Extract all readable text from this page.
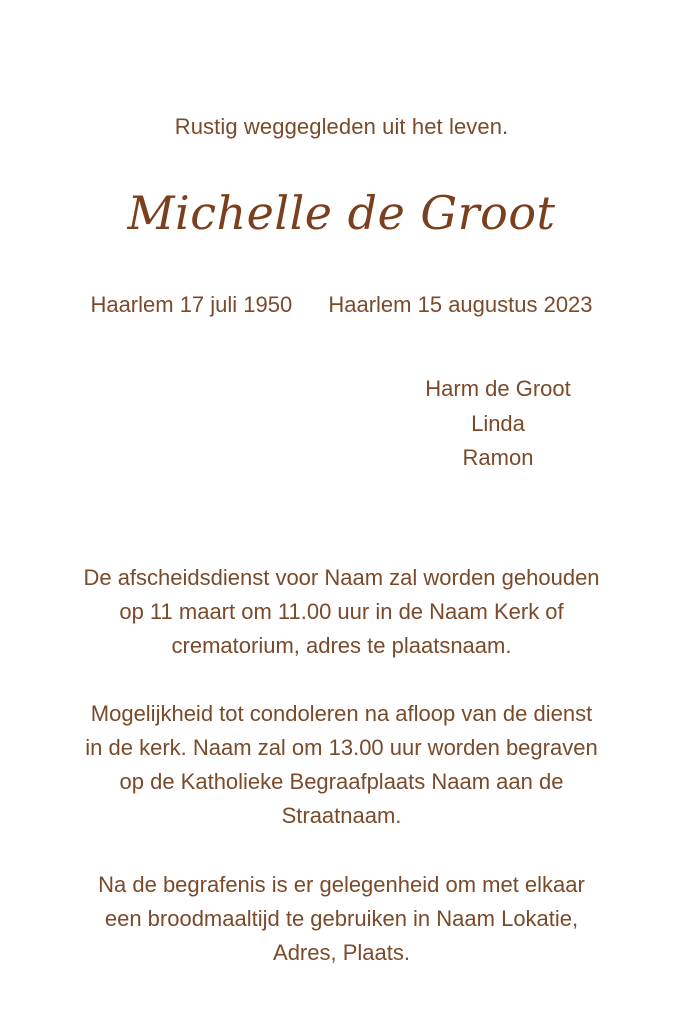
Rustig weggegleden uit het leven.
Michelle de Groot
Haarlem 17 juli 1950 Haarlem 15 augustus 2023
Harm de Groot
Linda
Ramon
De afscheidsdienst voor Naam zal worden gehouden
op 11 maart om 11.00 uur in de Naam Kerk of
crematorium, adres te plaatsnaam.
Mogelijkheid tot condoleren na afloop van de dienst
in de kerk. Naam zal om 13.00 uur worden begraven
op de Katholieke Begraafplaats Naam aan de
Straatnaam.
Na de begrafenis is er gelegenheid om met elkaar
een broodmaaltijd te gebruiken in Naam Lokatie,
Adres, Plaats.
